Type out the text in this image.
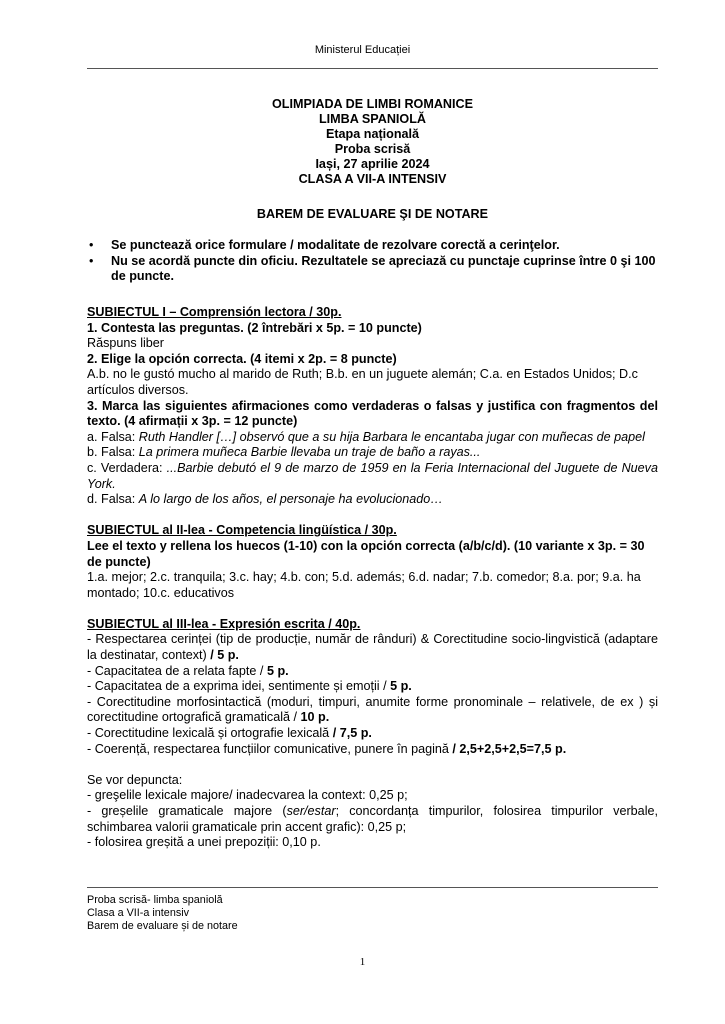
Ministerul Educației
OLIMPIADA DE LIMBI ROMANICE
LIMBA SPANIOLĂ
Etapa națională
Proba scrisă
Iași, 27 aprilie 2024
CLASA A VII-A INTENSIV
BAREM DE EVALUARE ŞI DE NOTARE
• Se punctează orice formulare / modalitate de rezolvare corectă a cerinţelor.
• Nu se acordă puncte din oficiu. Rezultatele se apreciază cu punctaje cuprinse între 0 şi 100 de puncte.

SUBIECTUL I – Comprensión lectora / 30p.

1. Contesta las preguntas. (2 întrebări x 5p. = 10 puncte)

Răspuns liber

2. Elige la opción correcta. (4 itemi x 2p. = 8 puncte)

A.b. no le gustó mucho al marido de Ruth; B.b. en un juguete alemán; C.a. en Estados Unidos; D.c artículos diversos.

3. Marca las siguientes afirmaciones como verdaderas o falsas y justifica con fragmentos del texto. (4 afirmații x 3p. = 12 puncte)

a. Falsa: Ruth Handler […] observó que a su hija Barbara le encantaba jugar con muñecas de papel

b. Falsa: La primera muñeca Barbie llevaba un traje de baño a rayas...

c. Verdadera: ...Barbie debutó el 9 de marzo de 1959 en la Feria Internacional del Juguete de Nueva York.

d. Falsa: A lo largo de los años, el personaje ha evolucionado…

SUBIECTUL al II-lea - Competencia lingüística / 30p.

Lee el texto y rellena los huecos (1-10) con la opción correcta (a/b/c/d). (10 variante x 3p. = 30 de puncte)

1.a. mejor; 2.c. tranquila; 3.c. hay; 4.b. con; 5.d. además; 6.d. nadar; 7.b. comedor; 8.a. por; 9.a. ha montado; 10.c. educativos

SUBIECTUL al III-lea - Expresión escrita / 40p.

- Respectarea cerinței (tip de producție, număr de rânduri) & Corectitudine socio-lingvistică (adaptare la destinatar, context) / 5 p.

- Capacitatea de a relata fapte / 5 p.

- Capacitatea de a exprima idei, sentimente și emoții / 5 p.

- Corectitudine morfosintactică (moduri, timpuri, anumite forme pronominale – relativele, de ex ) și corectitudine ortografică gramaticală / 10 p.

- Corectitudine lexicală și ortografie lexicală / 7,5 p.

- Coerență, respectarea funcțiilor comunicative, punere în pagină / 2,5+2,5+2,5=7,5 p.

Se vor depuncta:

- greşelile lexicale majore/ inadecvarea la context: 0,25 p;

- greșelile gramaticale majore (ser/estar; concordanța timpurilor, folosirea timpurilor verbale, schimbarea valorii gramaticale prin accent grafic): 0,25 p;

- folosirea greșită a unei prepoziții: 0,10 p.

Proba scrisă- limba spaniolă
Clasa a VII-a intensiv
Barem de evaluare și de notare
1
